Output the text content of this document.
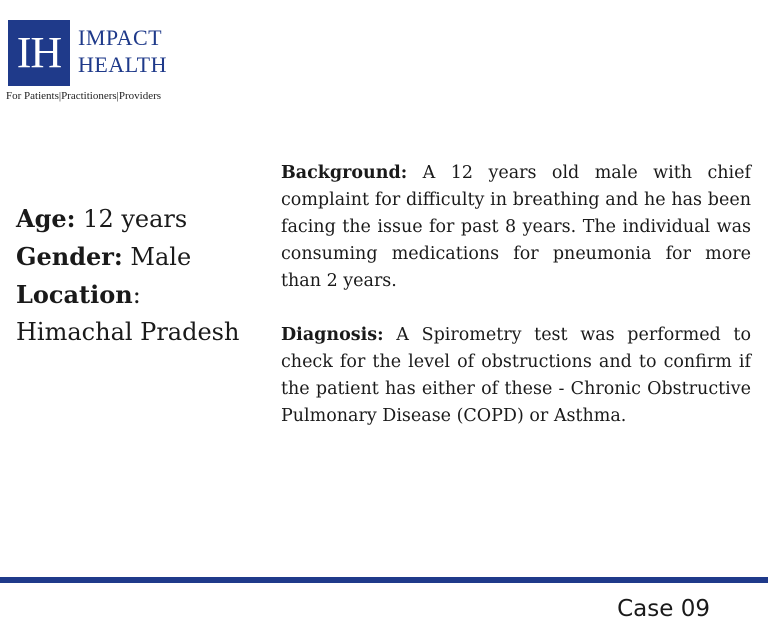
IH IMPACT
HEALTH
For Patients|Practitioners|Providers
Age: 12 years
Gender: Male
Location:
Himachal Pradesh

Background: A 12 years old male with chief complaint for difficulty in breathing and he has been facing the issue for past 8 years. The individual was consuming medications for pneumonia for more than 2 years.

Diagnosis: A Spirometry test was performed to check for the level of obstructions and to confirm if the patient has either of these - Chronic Obstructive Pulmonary Disease (COPD) or Asthma.

Case 09
